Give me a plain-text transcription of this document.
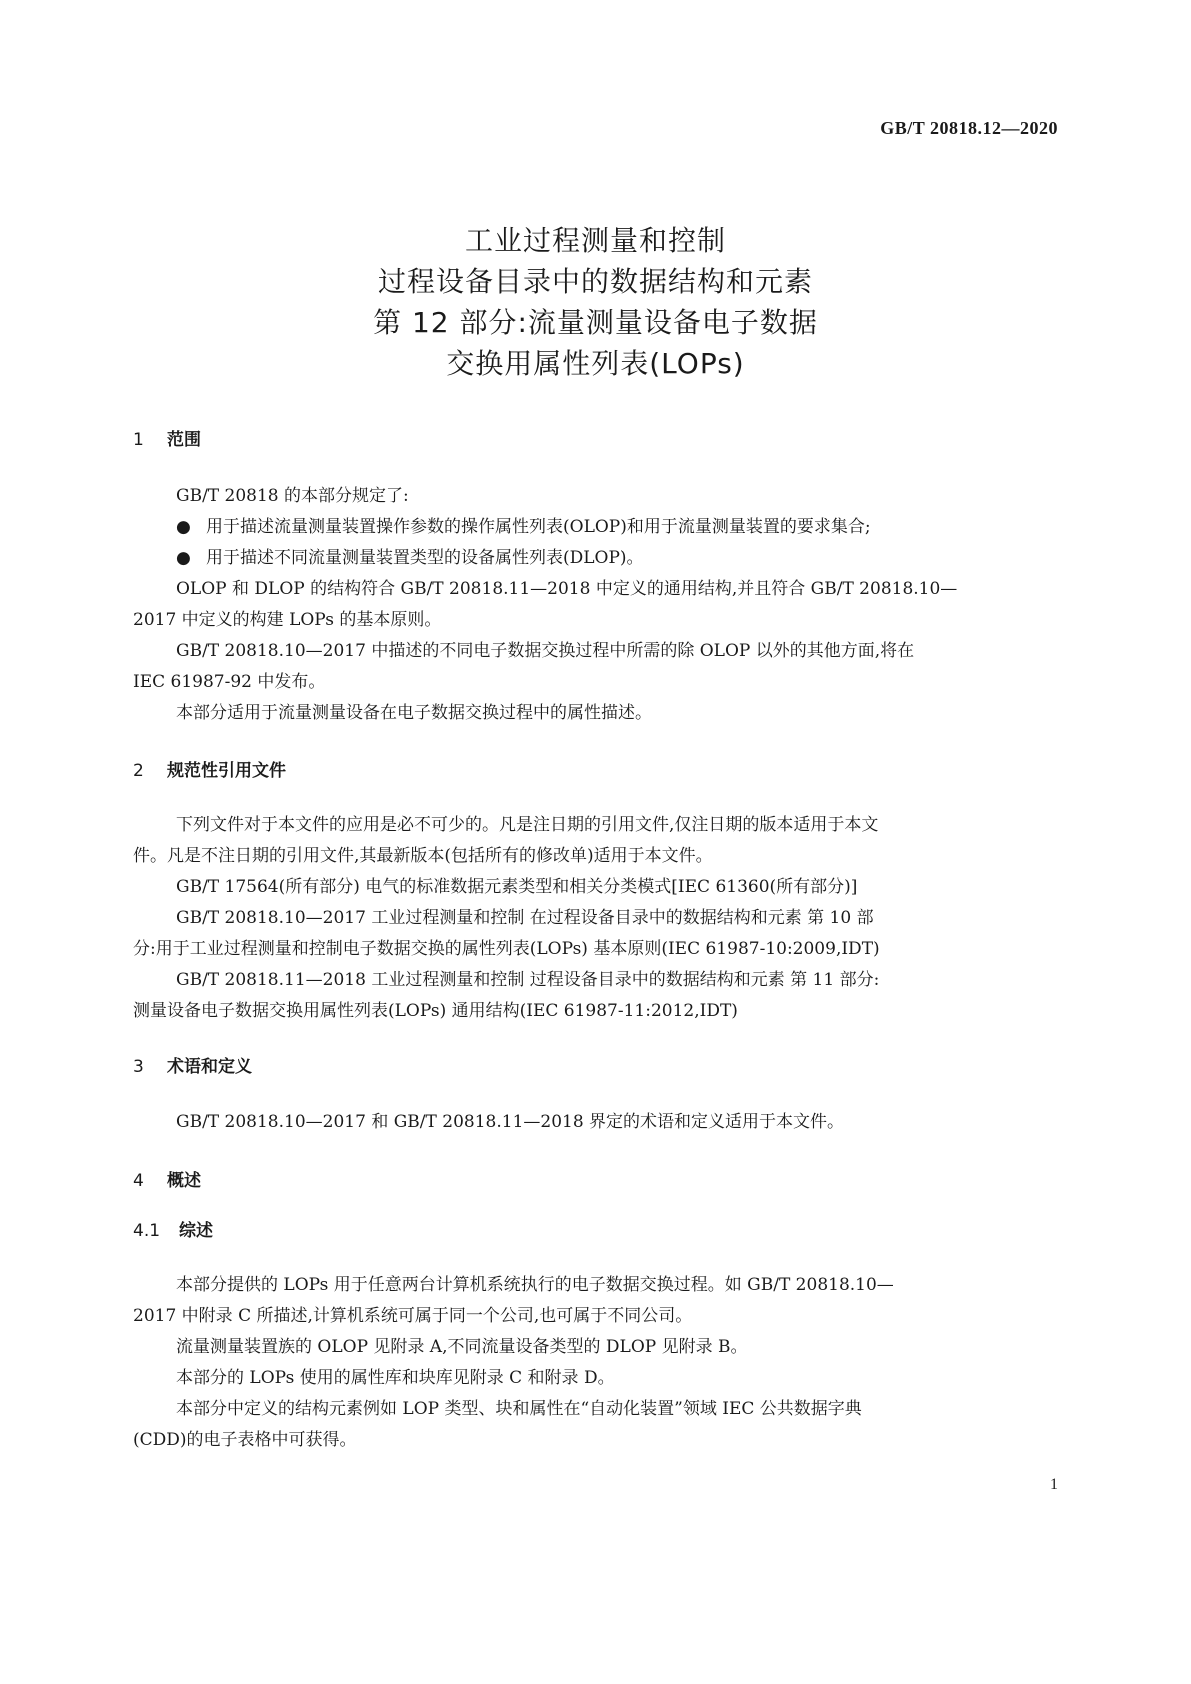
GB/T 20818.12—2020
工业过程测量和控制
过程设备目录中的数据结构和元素
第 12 部分:流量测量设备电子数据
交换用属性列表(LOPs)
1 范围
GB/T 20818 的本部分规定了:
● 用于描述流量测量装置操作参数的操作属性列表(OLOP)和用于流量测量装置的要求集合;
● 用于描述不同流量测量装置类型的设备属性列表(DLOP)。
OLOP 和 DLOP 的结构符合 GB/T 20818.11—2018 中定义的通用结构,并且符合 GB/T 20818.10—
2017 中定义的构建 LOPs 的基本原则。
GB/T 20818.10—2017 中描述的不同电子数据交换过程中所需的除 OLOP 以外的其他方面,将在
IEC 61987-92 中发布。
本部分适用于流量测量设备在电子数据交换过程中的属性描述。
2 规范性引用文件
下列文件对于本文件的应用是必不可少的。凡是注日期的引用文件,仅注日期的版本适用于本文
件。凡是不注日期的引用文件,其最新版本(包括所有的修改单)适用于本文件。
GB/T 17564(所有部分) 电气的标准数据元素类型和相关分类模式[IEC 61360(所有部分)]
GB/T 20818.10—2017 工业过程测量和控制 在过程设备目录中的数据结构和元素 第 10 部
分:用于工业过程测量和控制电子数据交换的属性列表(LOPs) 基本原则(IEC 61987-10:2009,IDT)
GB/T 20818.11—2018 工业过程测量和控制 过程设备目录中的数据结构和元素 第 11 部分:
测量设备电子数据交换用属性列表(LOPs) 通用结构(IEC 61987-11:2012,IDT)
3 术语和定义
GB/T 20818.10—2017 和 GB/T 20818.11—2018 界定的术语和定义适用于本文件。
4 概述
4.1 综述
本部分提供的 LOPs 用于任意两台计算机系统执行的电子数据交换过程。如 GB/T 20818.10—
2017 中附录 C 所描述,计算机系统可属于同一个公司,也可属于不同公司。
流量测量装置族的 OLOP 见附录 A,不同流量设备类型的 DLOP 见附录 B。
本部分的 LOPs 使用的属性库和块库见附录 C 和附录 D。
本部分中定义的结构元素例如 LOP 类型、块和属性在“自动化装置”领域 IEC 公共数据字典
(CDD)的电子表格中可获得。
1
